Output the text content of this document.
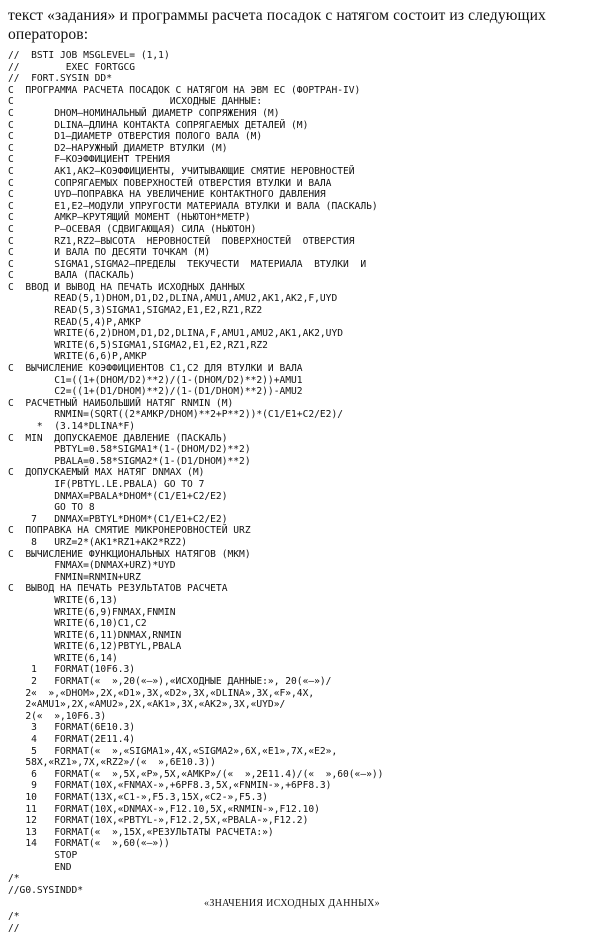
текст «задания» и программы расчета посадок с натягом состоит из следующих операторов:

//  BSTI JOB MSGLEVEL= (1,1)
//        EXEC FORTGCG
//  FORT.SYSIN DD*
C  ПРОГРАММА РАСЧЕТА ПОСАДОК С НАТЯГОМ НА ЭВМ ЕС (ФОРТРАН-IV)
C                           ИСХОДНЫЕ ДАННЫЕ:
C       DHOM—НОМИНАЛЬНЫЙ ДИАМЕТР СОПРЯЖЕНИЯ (М)
C       DLINA—ДЛИНА КОНТАКТА СОПРЯГАЕМЫХ ДЕТАЛЕЙ (М)
C       D1—ДИАМЕТР ОТВЕРСТИЯ ПОЛОГО ВАЛА (М)
C       D2—НАРУЖНЫЙ ДИАМЕТР ВТУЛКИ (М)
C       F—КОЭФФИЦИЕНТ ТРЕНИЯ
C       AK1,AK2—КОЭФФИЦИЕНТЫ, УЧИТЫВАЮЩИЕ СМЯТИЕ НЕРОВНОСТЕЙ
C       СОПРЯГАЕМЫХ ПОВЕРХНОСТЕЙ ОТВЕРСТИЯ ВТУЛКИ И ВАЛА
C       UYD—ПОПРАВКА НА УВЕЛИЧЕНИЕ КОНТАКТНОГО ДАВЛЕНИЯ
C       E1,E2—МОДУЛИ УПРУГОСТИ МАТЕРИАЛА ВТУЛКИ И ВАЛА (ПАСКАЛЬ)
C       AMKP—КРУТЯЩИЙ МОМЕНТ (НЬЮТОН*МЕТР)
C       P—ОСЕВАЯ (СДВИГАЮЩАЯ) СИЛА (НЬЮТОН)
C       RZ1,RZ2—ВЫСОТА  НЕРОВНОСТЕЙ  ПОВЕРХНОСТЕЙ  ОТВЕРСТИЯ
C       И ВАЛА ПО ДЕСЯТИ ТОЧКАМ (М)
C       SIGMA1,SIGMA2—ПРЕДЕЛЫ  ТЕКУЧЕСТИ  МАТЕРИАЛА  ВТУЛКИ  И
C       ВАЛА (ПАСКАЛЬ)
C  ВВОД И ВЫВОД НА ПЕЧАТЬ ИСХОДНЫХ ДАННЫХ
READ(5,1)DHOM,D1,D2,DLINA,AMU1,AMU2,AK1,AK2,F,UYD
READ(5,3)SIGMA1,SIGMA2,E1,E2,RZ1,RZ2
READ(5,4)P,AMKP
WRITE(6,2)DHOM,D1,D2,DLINA,F,AMU1,AMU2,AK1,AK2,UYD
WRITE(6,5)SIGMA1,SIGMA2,E1,E2,RZ1,RZ2
WRITE(6,6)P,AMKP
C  ВЫЧИСЛЕНИЕ КОЭФФИЦИЕНТОВ C1,C2 ДЛЯ ВТУЛКИ И ВАЛА
C1=((1+(DHOM/D2)**2)/(1-(DHOM/D2)**2))+AMU1
C2=((1+(D1/DHOM)**2)/(1-(D1/DHOM)**2))-AMU2
C  РАСЧЕТНЫЙ НАИБОЛЬШИЙ НАТЯГ RNMIN (M)
RNMIN=(SQRT((2*AMKP/DHOM)**2+P**2))*(C1/E1+C2/E2)/
*  (3.14*DLINA*F)
C  MIN  ДОПУСКАЕМОЕ ДАВЛЕНИЕ (ПАСКАЛЬ)
PBTYL=0.58*SIGMA1*(1-(DHOM/D2)**2)
PBALA=0.58*SIGMA2*(1-(D1/DHOM)**2)
C  ДОПУСКАЕМЫЙ MAX НАТЯГ DNMAX (M)
IF(PBTYL.LE.PBALA) GO TO 7
DNMAX=PBALA*DHOM*(C1/E1+C2/E2)
GO TO 8
7   DNMAX=PBTYL*DHOM*(C1/E1+C2/E2)
C  ПОПРАВКА НА СМЯТИЕ МИКРОНЕРОВНОСТЕЙ URZ
8   URZ=2*(AK1*RZ1+AK2*RZ2)
C  ВЫЧИСЛЕНИЕ ФУНКЦИОНАЛЬНЫХ НАТЯГОВ (МКМ)
FNMAX=(DNMAX+URZ)*UYD
FNMIN=RNMIN+URZ
C  ВЫВОД НА ПЕЧАТЬ РЕЗУЛЬТАТОВ РАСЧЕТА
WRITE(6,13)
WRITE(6,9)FNMAX,FNMIN
WRITE(6,10)C1,C2
WRITE(6,11)DNMAX,RNMIN
WRITE(6,12)PBTYL,PBALA
WRITE(6,14)
1   FORMAT(10F6.3)
2   FORMAT(«  »,20(«—»),«ИСХОДНЫЕ ДАННЫЕ:», 20(«—»)/
2«  »,«DHOM»,2X,«D1»,3X,«D2»,3X,«DLINA»,3X,«F»,4X,
2«AMU1»,2X,«AMU2»,2X,«AK1»,3X,«AK2»,3X,«UYD»/
2(«  »,10F6.3)
3   FORMAT(6E10.3)
4   FORMAT(2E11.4)
5   FORMAT(«  »,«SIGMA1»,4X,«SIGMA2»,6X,«E1»,7X,«E2»,
58X,«RZ1»,7X,«RZ2»/(«  »,6E10.3))
6   FORMAT(«  »,5X,«P»,5X,«AMKP»/(«  »,2E11.4)/(«  »,60(«—»))
9   FORMAT(10X,«FNMAX-»,+6PF8.3,5X,«FNMIN-»,+6PF8.3)
10   FORMAT(13X,«C1-»,F5.3,15X,«C2-»,F5.3)
11   FORMAT(10X,«DNMAX-»,F12.10,5X,«RNMIN-»,F12.10)
12   FORMAT(10X,«PBTYL-»,F12.2,5X,«PBALA-»,F12.2)
13   FORMAT(«  »,15X,«РЕЗУЛЬТАТЫ РАСЧЕТА:»)
14   FORMAT(«  »,60(«—»))
STOP
END
/*
//G0.SYSINDD*
«ЗНАЧЕНИЯ ИСХОДНЫХ ДАННЫХ»
/*
//
